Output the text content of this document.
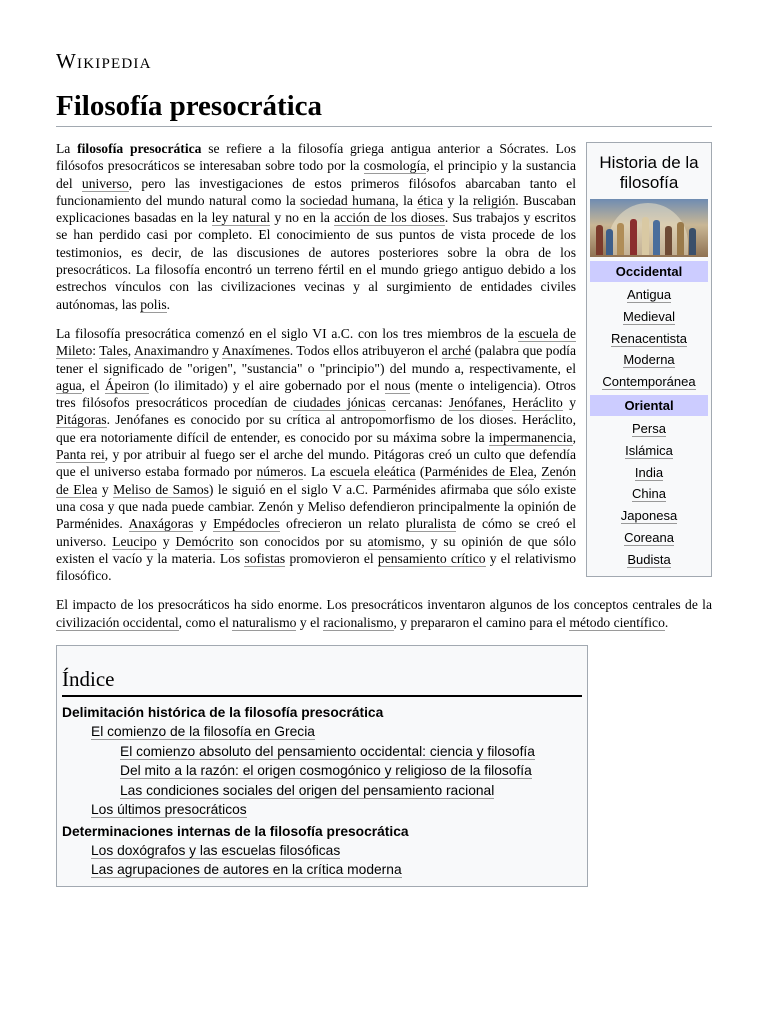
Wikipedia
Filosofía presocrática
Historia de la filosofía
Occidental
Antigua
Medieval
Renacentista
Moderna
Contemporánea
Oriental
Persa
Islámica
India
China
Japonesa
Coreana
Budista

La filosofía presocrática se refiere a la filosofía griega antigua anterior a Sócrates. Los filósofos presocráticos se interesaban sobre todo por la cosmología, el principio y la sustancia del universo, pero las investigaciones de estos primeros filósofos abarcaban tanto el funcionamiento del mundo natural como la sociedad humana, la ética y la religión. Buscaban explicaciones basadas en la ley natural y no en la acción de los dioses. Sus trabajos y escritos se han perdido casi por completo. El conocimiento de sus puntos de vista procede de los testimonios, es decir, de las discusiones de autores posteriores sobre la obra de los presocráticos. La filosofía encontró un terreno fértil en el mundo griego antiguo debido a los estrechos vínculos con las civilizaciones vecinas y al surgimiento de entidades civiles autónomas, las polis.

La filosofía presocrática comenzó en el siglo VI a.C. con los tres miembros de la escuela de Mileto: Tales, Anaximandro y Anaxímenes. Todos ellos atribuyeron el arché (palabra que podía tener el significado de "origen", "sustancia" o "principio") del mundo a, respectivamente, el agua, el Ápeiron (lo ilimitado) y el aire gobernado por el nous (mente o inteligencia). Otros tres filósofos presocráticos procedían de ciudades jónicas cercanas: Jenófanes, Heráclito y Pitágoras. Jenófanes es conocido por su crítica al antropomorfismo de los dioses. Heráclito, que era notoriamente difícil de entender, es conocido por su máxima sobre la impermanencia, Panta rei, y por atribuir al fuego ser el arche del mundo. Pitágoras creó un culto que defendía que el universo estaba formado por números. La escuela eleática (Parménides de Elea, Zenón de Elea y Meliso de Samos) le siguió en el siglo V a.C. Parménides afirmaba que sólo existe una cosa y que nada puede cambiar. Zenón y Meliso defendieron principalmente la opinión de Parménides. Anaxágoras y Empédocles ofrecieron un relato pluralista de cómo se creó el universo. Leucipo y Demócrito son conocidos por su atomismo, y su opinión de que sólo existen el vacío y la materia. Los sofistas promovieron el pensamiento crítico y el relativismo filosófico.

El impacto de los presocráticos ha sido enorme. Los presocráticos inventaron algunos de los conceptos centrales de la civilización occidental, como el naturalismo y el racionalismo, y prepararon el camino para el método científico.

Índice
Delimitación histórica de la filosofía presocrática
El comienzo de la filosofía en Grecia
El comienzo absoluto del pensamiento occidental: ciencia y filosofía
Del mito a la razón: el origen cosmogónico y religioso de la filosofía
Las condiciones sociales del origen del pensamiento racional
Los últimos presocráticos
Determinaciones internas de la filosofía presocrática
Los doxógrafos y las escuelas filosóficas
Las agrupaciones de autores en la crítica moderna
